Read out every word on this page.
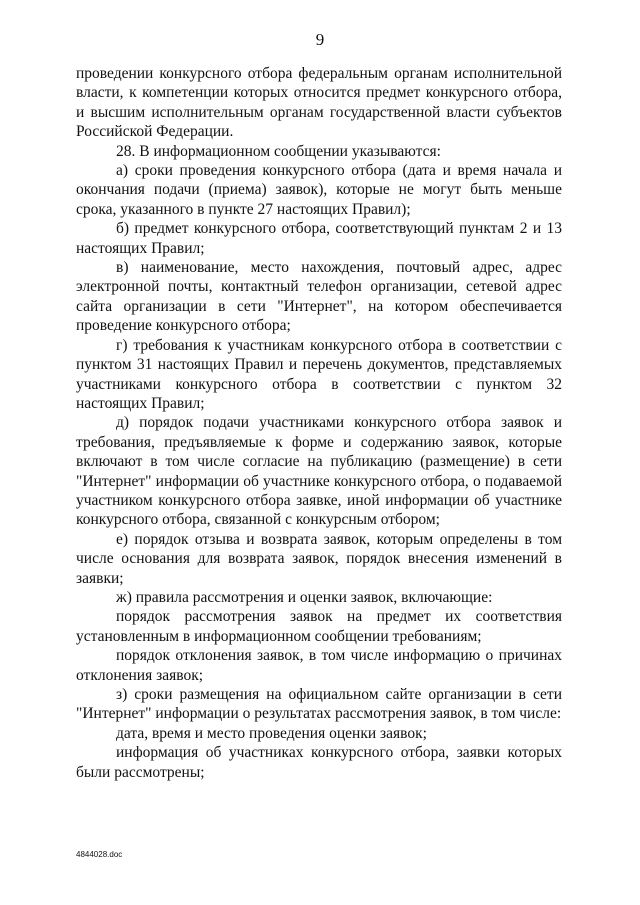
9

проведении конкурсного отбора федеральным органам исполнительной власти, к компетенции которых относится предмет конкурсного отбора, и высшим исполнительным органам государственной власти субъектов Российской Федерации.

28. В информационном сообщении указываются:

а) сроки проведения конкурсного отбора (дата и время начала и окончания подачи (приема) заявок), которые не могут быть меньше срока, указанного в пункте 27 настоящих Правил);

б) предмет конкурсного отбора, соответствующий пунктам 2 и 13 настоящих Правил;

в) наименование, место нахождения, почтовый адрес, адрес электронной почты, контактный телефон организации, сетевой адрес сайта организации в сети "Интернет", на котором обеспечивается проведение конкурсного отбора;

г) требования к участникам конкурсного отбора в соответствии с пунктом 31 настоящих Правил и перечень документов, представляемых участниками конкурсного отбора в соответствии с пунктом 32 настоящих Правил;

д) порядок подачи участниками конкурсного отбора заявок и требования, предъявляемые к форме и содержанию заявок, которые включают в том числе согласие на публикацию (размещение) в сети "Интернет" информации об участнике конкурсного отбора, о подаваемой участником конкурсного отбора заявке, иной информации об участнике конкурсного отбора, связанной с конкурсным отбором;

е) порядок отзыва и возврата заявок, которым определены в том числе основания для возврата заявок, порядок внесения изменений в заявки;

ж) правила рассмотрения и оценки заявок, включающие:

порядок рассмотрения заявок на предмет их соответствия установленным в информационном сообщении требованиям;

порядок отклонения заявок, в том числе информацию о причинах отклонения заявок;

з) сроки размещения на официальном сайте организации в сети "Интернет" информации о результатах рассмотрения заявок, в том числе:

дата, время и место проведения оценки заявок;

информация об участниках конкурсного отбора, заявки которых были рассмотрены;

4844028.doc
